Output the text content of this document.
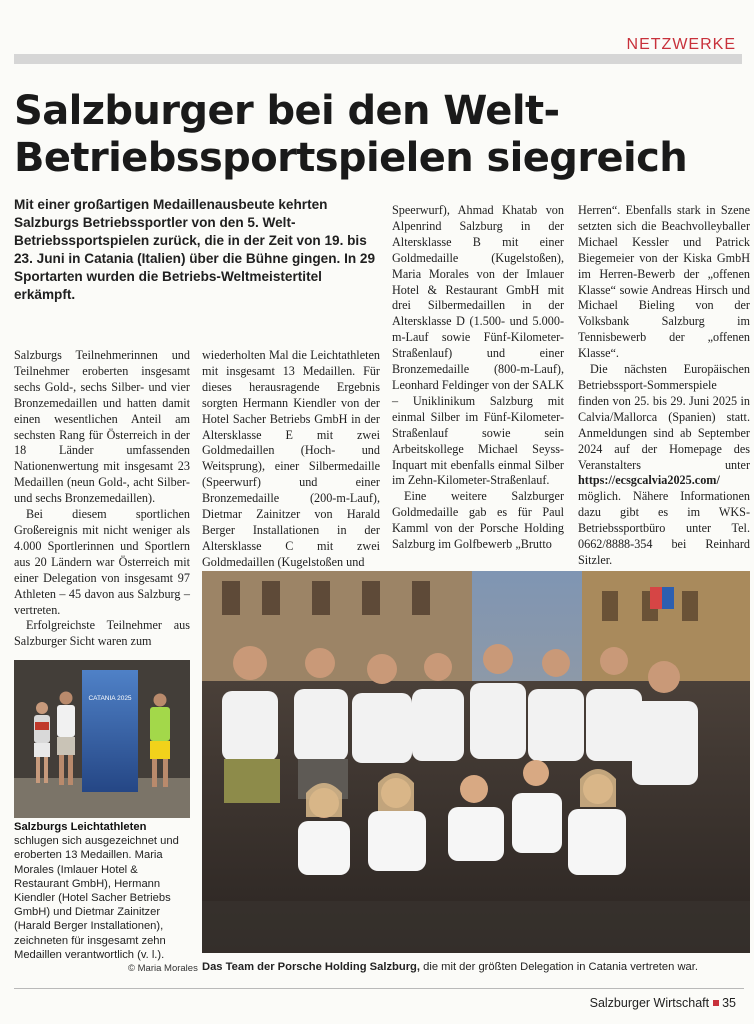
NETZWERKE
Salzburger bei den Welt-Betriebssportspielen siegreich

Mit einer großartigen Medaillenausbeute kehrten Salzburgs Betriebssportler von den 5. Welt-Betriebssportspielen zurück, die in der Zeit von 19. bis 23. Juni in Catania (Italien) über die Bühne gingen. In 29 Sportarten wurden die Betriebs-Weltmeistertitel erkämpft.

Salzburgs Teilnehmerinnen und Teilnehmer eroberten insgesamt sechs Gold-, sechs Silber- und vier Bronzemedaillen und hatten damit einen wesentlichen Anteil am sechsten Rang für Österreich in der 18 Länder umfassenden Nationenwertung mit insgesamt 23 Medaillen (neun Gold-, acht Silber- und sechs Bronzemedaillen).

Bei diesem sportlichen Großereignis mit nicht weniger als 4.000 Sportlerinnen und Sportlern aus 20 Ländern war Österreich mit einer Delegation von insgesamt 97 Athleten – 45 davon aus Salzburg – vertreten.

Erfolgreichste Teilnehmer aus Salzburger Sicht waren zum

wiederholten Mal die Leichtathleten mit insgesamt 13 Medaillen. Für dieses herausragende Ergebnis sorgten Hermann Kiendler von der Hotel Sacher Betriebs GmbH in der Altersklasse E mit zwei Goldmedaillen (Hoch- und Weitsprung), einer Silbermedaille (Speerwurf) und einer Bronzemedaille (200-m-Lauf), Dietmar Zainitzer von Harald Berger Installationen in der Altersklasse C mit zwei Goldmedaillen (Kugelstoßen und

Speerwurf), Ahmad Khatab von Alpenrind Salzburg in der Altersklasse B mit einer Goldmedaille (Kugelstoßen), Maria Morales von der Imlauer Hotel & Restaurant GmbH mit drei Silbermedaillen in der Altersklasse D (1.500- und 5.000-m-Lauf sowie Fünf-Kilometer-Straßenlauf) und einer Bronzemedaille (800-m-Lauf), Leonhard Feldinger von der SALK – Uniklinikum Salzburg mit einmal Silber im Fünf-Kilometer-Straßenlauf sowie sein Arbeitskollege Michael Seyss-Inquart mit ebenfalls einmal Silber im Zehn-Kilometer-Straßenlauf.

Eine weitere Salzburger Goldmedaille gab es für Paul Kamml von der Porsche Holding Salzburg im Golfbewerb „Brutto

Herren“. Ebenfalls stark in Szene setzten sich die Beachvolleyballer Michael Kessler und Patrick Biegemeier von der Kiska GmbH im Herren-Bewerb der „offenen Klasse“ sowie Andreas Hirsch und Michael Bieling von der Volksbank Salzburg im Tennisbewerb der „offenen Klasse“.

Die nächsten Europäischen Betriebssport-Sommerspiele finden von 25. bis 29. Juni 2025 in Calvia/Mallorca (Spanien) statt. Anmeldungen sind ab September 2024 auf der Homepage des Veranstalters unter https://ecsgcalvia2025.com/ möglich. Nähere Informationen dazu gibt es im WKS-Betriebssportbüro unter Tel. 0662/8888-354 bei Reinhard Sitzler.

CATANIA 2025

Salzburgs Leichtathleten schlugen sich ausgezeichnet und eroberten 13 Medaillen. Maria Morales (Imlauer Hotel & Restaurant GmbH), Hermann Kiendler (Hotel Sacher Betriebs GmbH) und Dietmar Zainitzer (Harald Berger Installationen), zeichneten für insgesamt zehn Medaillen verantwortlich (v. l.).

© Maria Morales Das Team der Porsche Holding Salzburg, die mit der größten Delegation in Catania vertreten war.

Salzburger Wirtschaft 35
